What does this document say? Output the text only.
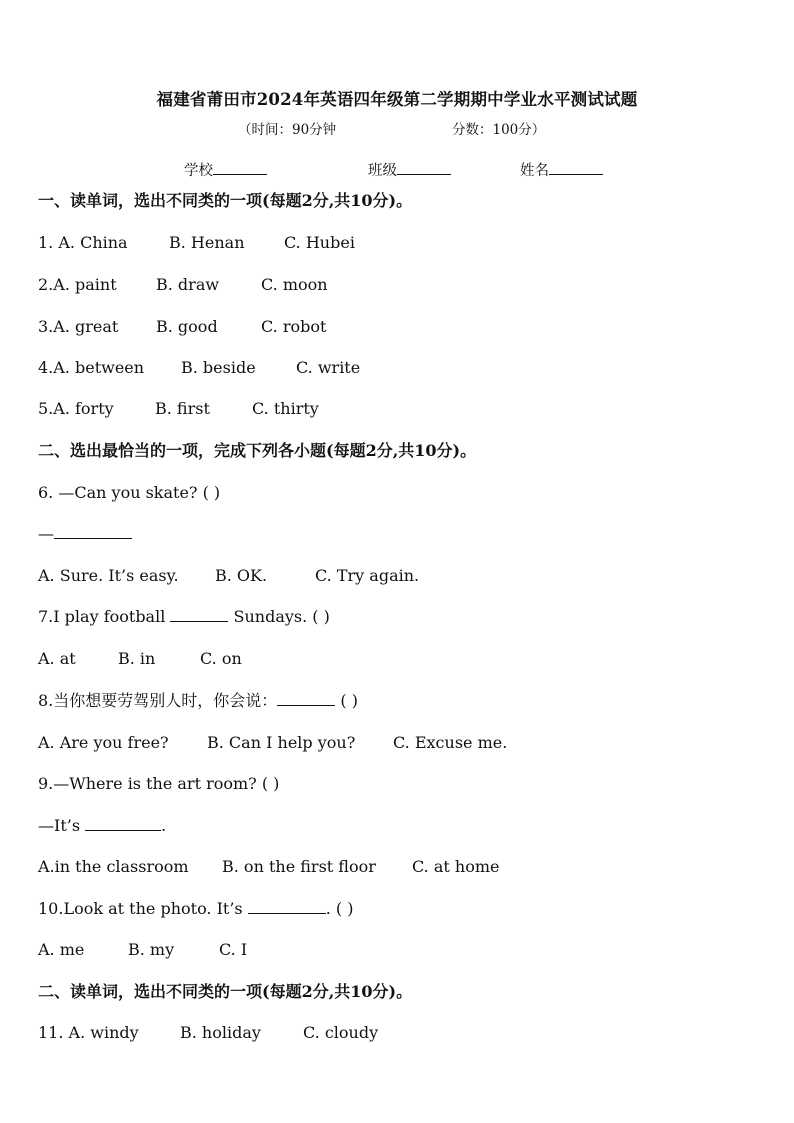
福建省莆田市2024年英语四年级第二学期期中学业水平测试试题
（时间：90分钟	分数：100分）
学校	班级	姓名
一、读单词，选出不同类的一项(每题2分,共10分)。
1. A. China	B. Henan C. Hubei
2.A. paint B. draw	C. moon
3.A. great B. good	C. robot
4.A. between B. beside	C. write
5.A. forty	B. first	C. thirty
二、选出最恰当的一项，完成下列各小题(每题2分,共10分)。
6. —Can you skate? ( )
—
A. Sure. It’s easy. B. OK.	C. Try again.
7.I play football	Sundays. ( )
A. at	B. in	C. on
8.当你想要劳驾别人时，你会说：	( )
A. Are you free? B. Can I help you? C. Excuse me.
9.—Where is the art room? ( )
—It’s	.
A.in the classroom B. on the first floor C. at home
10.Look at the photo. It’s	. ( )
A. me	B. my	C. I
二、读单词，选出不同类的一项(每题2分,共10分)。
11. A. windy	B. holiday	C. cloudy
